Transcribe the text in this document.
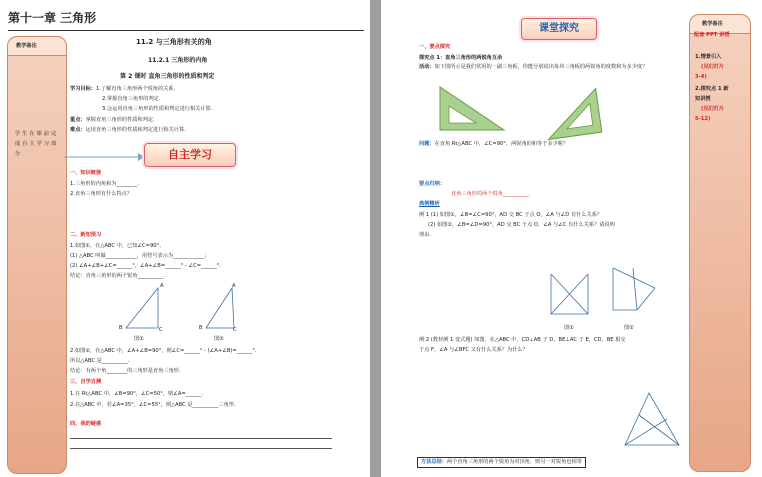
第十一章 三角形
教学备注
学生在课前完成自主学习部分
11.2 与三角形有关的角
11.2.1 三角形的内角
第 2 课时 直角三角形的性质和判定
学习目标：1.了解直角三角形两个锐角的关系.
2.掌握直角三角形的判定.
3.会运用直角三角形的性质和判定进行相关计算.
重点：掌握直角三角形的性质和判定.
难点：运用直角三角形的性质和判定进行相关计算.
自主学习
一、知识链接
1.三角形的内角和为________.
2.直角三角形有什么特点？
二、新知预习
1.如图①，在△ABC 中，已知∠C=90°，
(1) △ABC 叫做____________，用符号表示为____________；
(2) ∠A+∠B+∠C=______°，∠A+∠B=______° - ∠C=______°.
结论：直角三角形的两个锐角__________.
A
B	C
图①
A
B	C
图②
2.如图②，在△ABC 中，∠A+∠B=90°，则∠C=______° - (∠A+∠B)=______°.
所以△ABC 是__________.
结论：有两个角________的三角形是直角三角形.
三、自学自测
1.在 Rt△ABC 中，∠B=90°，∠C=50°，则∠A=______.
2.在△ABC 中，若∠A=35°，∠C=55°，则△ABC 是__________三角形.
四、我的疑惑
课堂探究	教学备注
配套 PPT 讲授
1.情景引入
(见幻灯片
3-4)
2.探究点 1 新
知讲授
(见幻灯片
5-12)
一、要点探究
探究点 1：直角三角形的两锐角互余
活动：如下图所示是我们常用的一副三角板，你能分别说出每块三角板的两锐角的度数和为多少度？
问题：在直角 Rt△ABC 中，∠C=90°，两锐角的和等于多少呢？
要点归纳：
直角三角形的两个锐角__________.
典例精析
例 1 (1) 如图①，∠B=∠C=90°，AD 交 BC 于点 O，∠A 与∠D 有什么关系？
(2) 如图②，∠B=∠D=90°，AD 交 BC 于点 O，∠A 与∠C 有什么关系？请说明
理由.
图①	图②
例 2 (教材例 1 变式题) 如图，在△ABC 中，CD⊥AB 于 D，BE⊥AC 于 E，CD，BE 相交
于点 F，∠A 与∠BFC 又有什么关系？为什么？
方法总结：两个直角三角形的两个锐角为对顶角，则另一对锐角也相等
